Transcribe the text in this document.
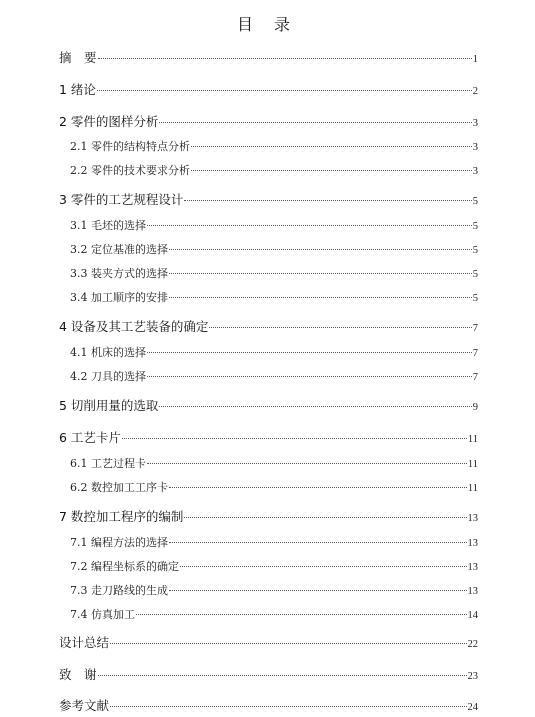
目 录
摘　要	1
1 绪论	2
2 零件的图样分析	3
2.1 零件的结构特点分析	3
2.2 零件的技术要求分析	3
3 零件的工艺规程设计	5
3.1 毛坯的选择	5
3.2 定位基准的选择	5
3.3 装夹方式的选择	5
3.4 加工顺序的安排	5
4 设备及其工艺装备的确定	7
4.1 机床的选择	7
4.2 刀具的选择	7
5 切削用量的选取	9
6 工艺卡片	11
6.1 工艺过程卡	11
6.2 数控加工工序卡	11
7 数控加工程序的编制	13
7.1 编程方法的选择	13
7.2 编程坐标系的确定	13
7.3 走刀路线的生成	13
7.4 仿真加工	14
设计总结	22
致　谢	23
参考文献	24
